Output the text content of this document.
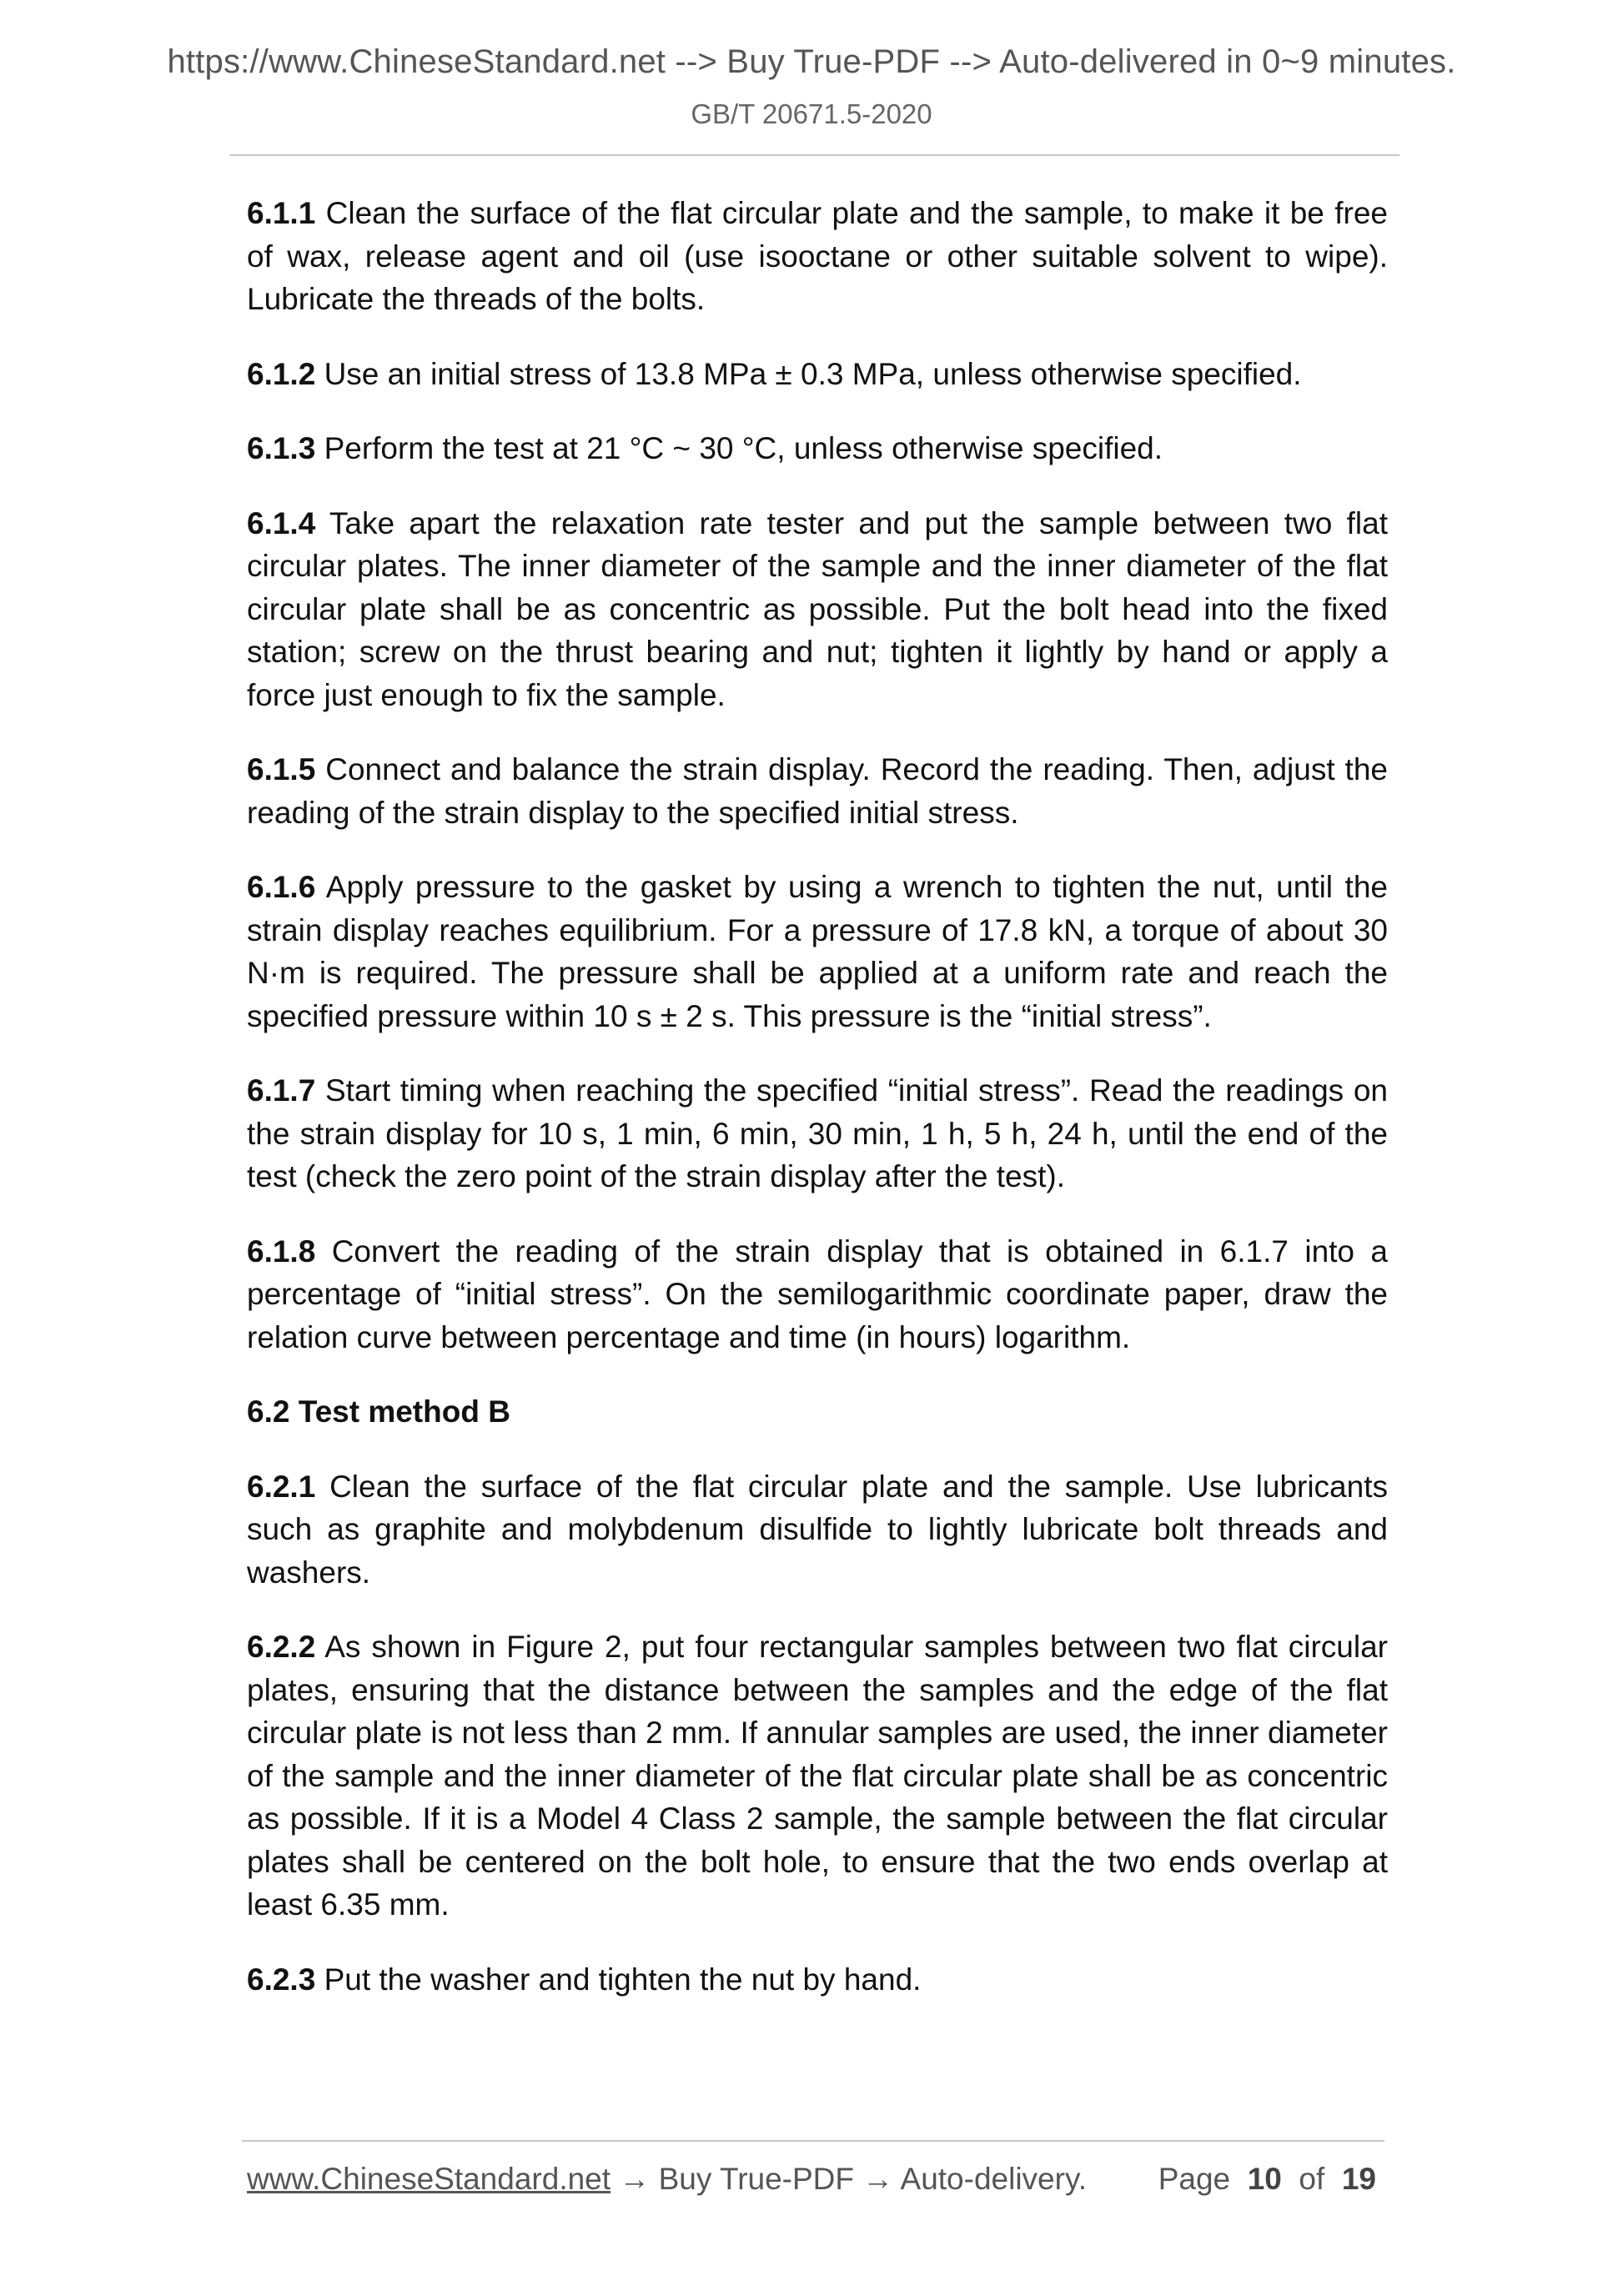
https://www.ChineseStandard.net --> Buy True-PDF --> Auto-delivered in 0~9 minutes.
GB/T 20671.5-2020

6.1.1 Clean the surface of the flat circular plate and the sample, to make it be free of wax, release agent and oil (use isooctane or other suitable solvent to wipe). Lubricate the threads of the bolts.

6.1.2 Use an initial stress of 13.8 MPa ± 0.3 MPa, unless otherwise specified.

6.1.3 Perform the test at 21 °C ~ 30 °C, unless otherwise specified.

6.1.4 Take apart the relaxation rate tester and put the sample between two flat circular plates. The inner diameter of the sample and the inner diameter of the flat circular plate shall be as concentric as possible. Put the bolt head into the fixed station; screw on the thrust bearing and nut; tighten it lightly by hand or apply a force just enough to fix the sample.

6.1.5 Connect and balance the strain display. Record the reading. Then, adjust the reading of the strain display to the specified initial stress.

6.1.6 Apply pressure to the gasket by using a wrench to tighten the nut, until the strain display reaches equilibrium. For a pressure of 17.8 kN, a torque of about 30 N·m is required. The pressure shall be applied at a uniform rate and reach the specified pressure within 10 s ± 2 s. This pressure is the “initial stress”.

6.1.7 Start timing when reaching the specified “initial stress”. Read the readings on the strain display for 10 s, 1 min, 6 min, 30 min, 1 h, 5 h, 24 h, until the end of the test (check the zero point of the strain display after the test).

6.1.8 Convert the reading of the strain display that is obtained in 6.1.7 into a percentage of “initial stress”. On the semilogarithmic coordinate paper, draw the relation curve between percentage and time (in hours) logarithm.

6.2 Test method B

6.2.1 Clean the surface of the flat circular plate and the sample. Use lubricants such as graphite and molybdenum disulfide to lightly lubricate bolt threads and washers.

6.2.2 As shown in Figure 2, put four rectangular samples between two flat circular plates, ensuring that the distance between the samples and the edge of the flat circular plate is not less than 2 mm. If annular samples are used, the inner diameter of the sample and the inner diameter of the flat circular plate shall be as concentric as possible. If it is a Model 4 Class 2 sample, the sample between the flat circular plates shall be centered on the bolt hole, to ensure that the two ends overlap at least 6.35 mm.

6.2.3 Put the washer and tighten the nut by hand.

www.ChineseStandard.net → Buy True-PDF → Auto-delivery. Page 10 of 19
